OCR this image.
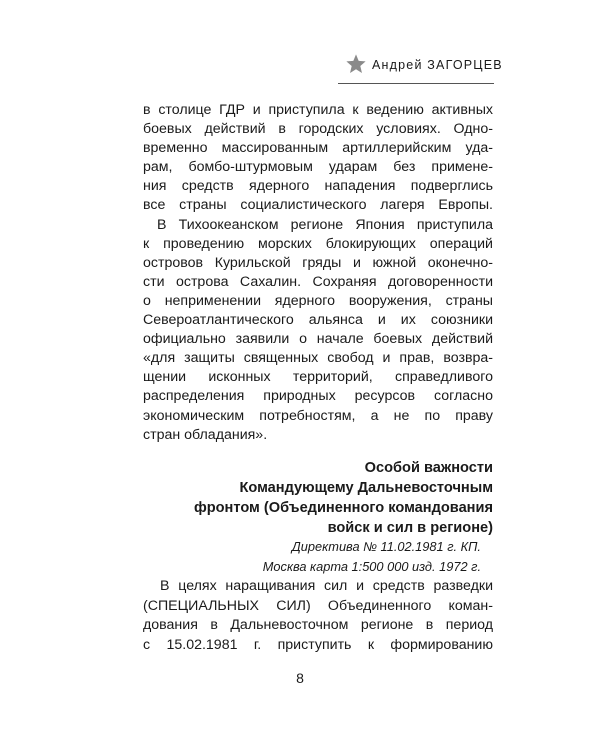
Андрей ЗАГОРЦЕВ
в столице ГДР и приступила к ведению активных
боевых действий в городских условиях. Одно-
временно массированным артиллерийским уда-
рам, бомбо-штурмовым ударам без примене-
ния средств ядерного нападения подверглись
все страны социалистического лагеря Европы.
В Тихоокеанском регионе Япония приступила
к проведению морских блокирующих операций
островов Курильской гряды и южной оконечно-
сти острова Сахалин. Сохраняя договоренности
о неприменении ядерного вооружения, страны
Североатлантического альянса и их союзники
официально заявили о начале боевых действий
«для защиты священных свобод и прав, возвра-
щении исконных территорий, справедливого
распределения природных ресурсов согласно
экономическим потребностям, а не по праву
стран обладания».
Особой важности
Командующему Дальневосточным
фронтом (Объединенного командования
войск и сил в регионе)
Директива № 11.02.1981 г. КП.
Москва карта 1:500 000 изд. 1972 г.
В целях наращивания сил и средств разведки
(СПЕЦИАЛЬНЫХ СИЛ) Объединенного коман-
дования в Дальневосточном регионе в период
с 15.02.1981 г. приступить к формированию
8
